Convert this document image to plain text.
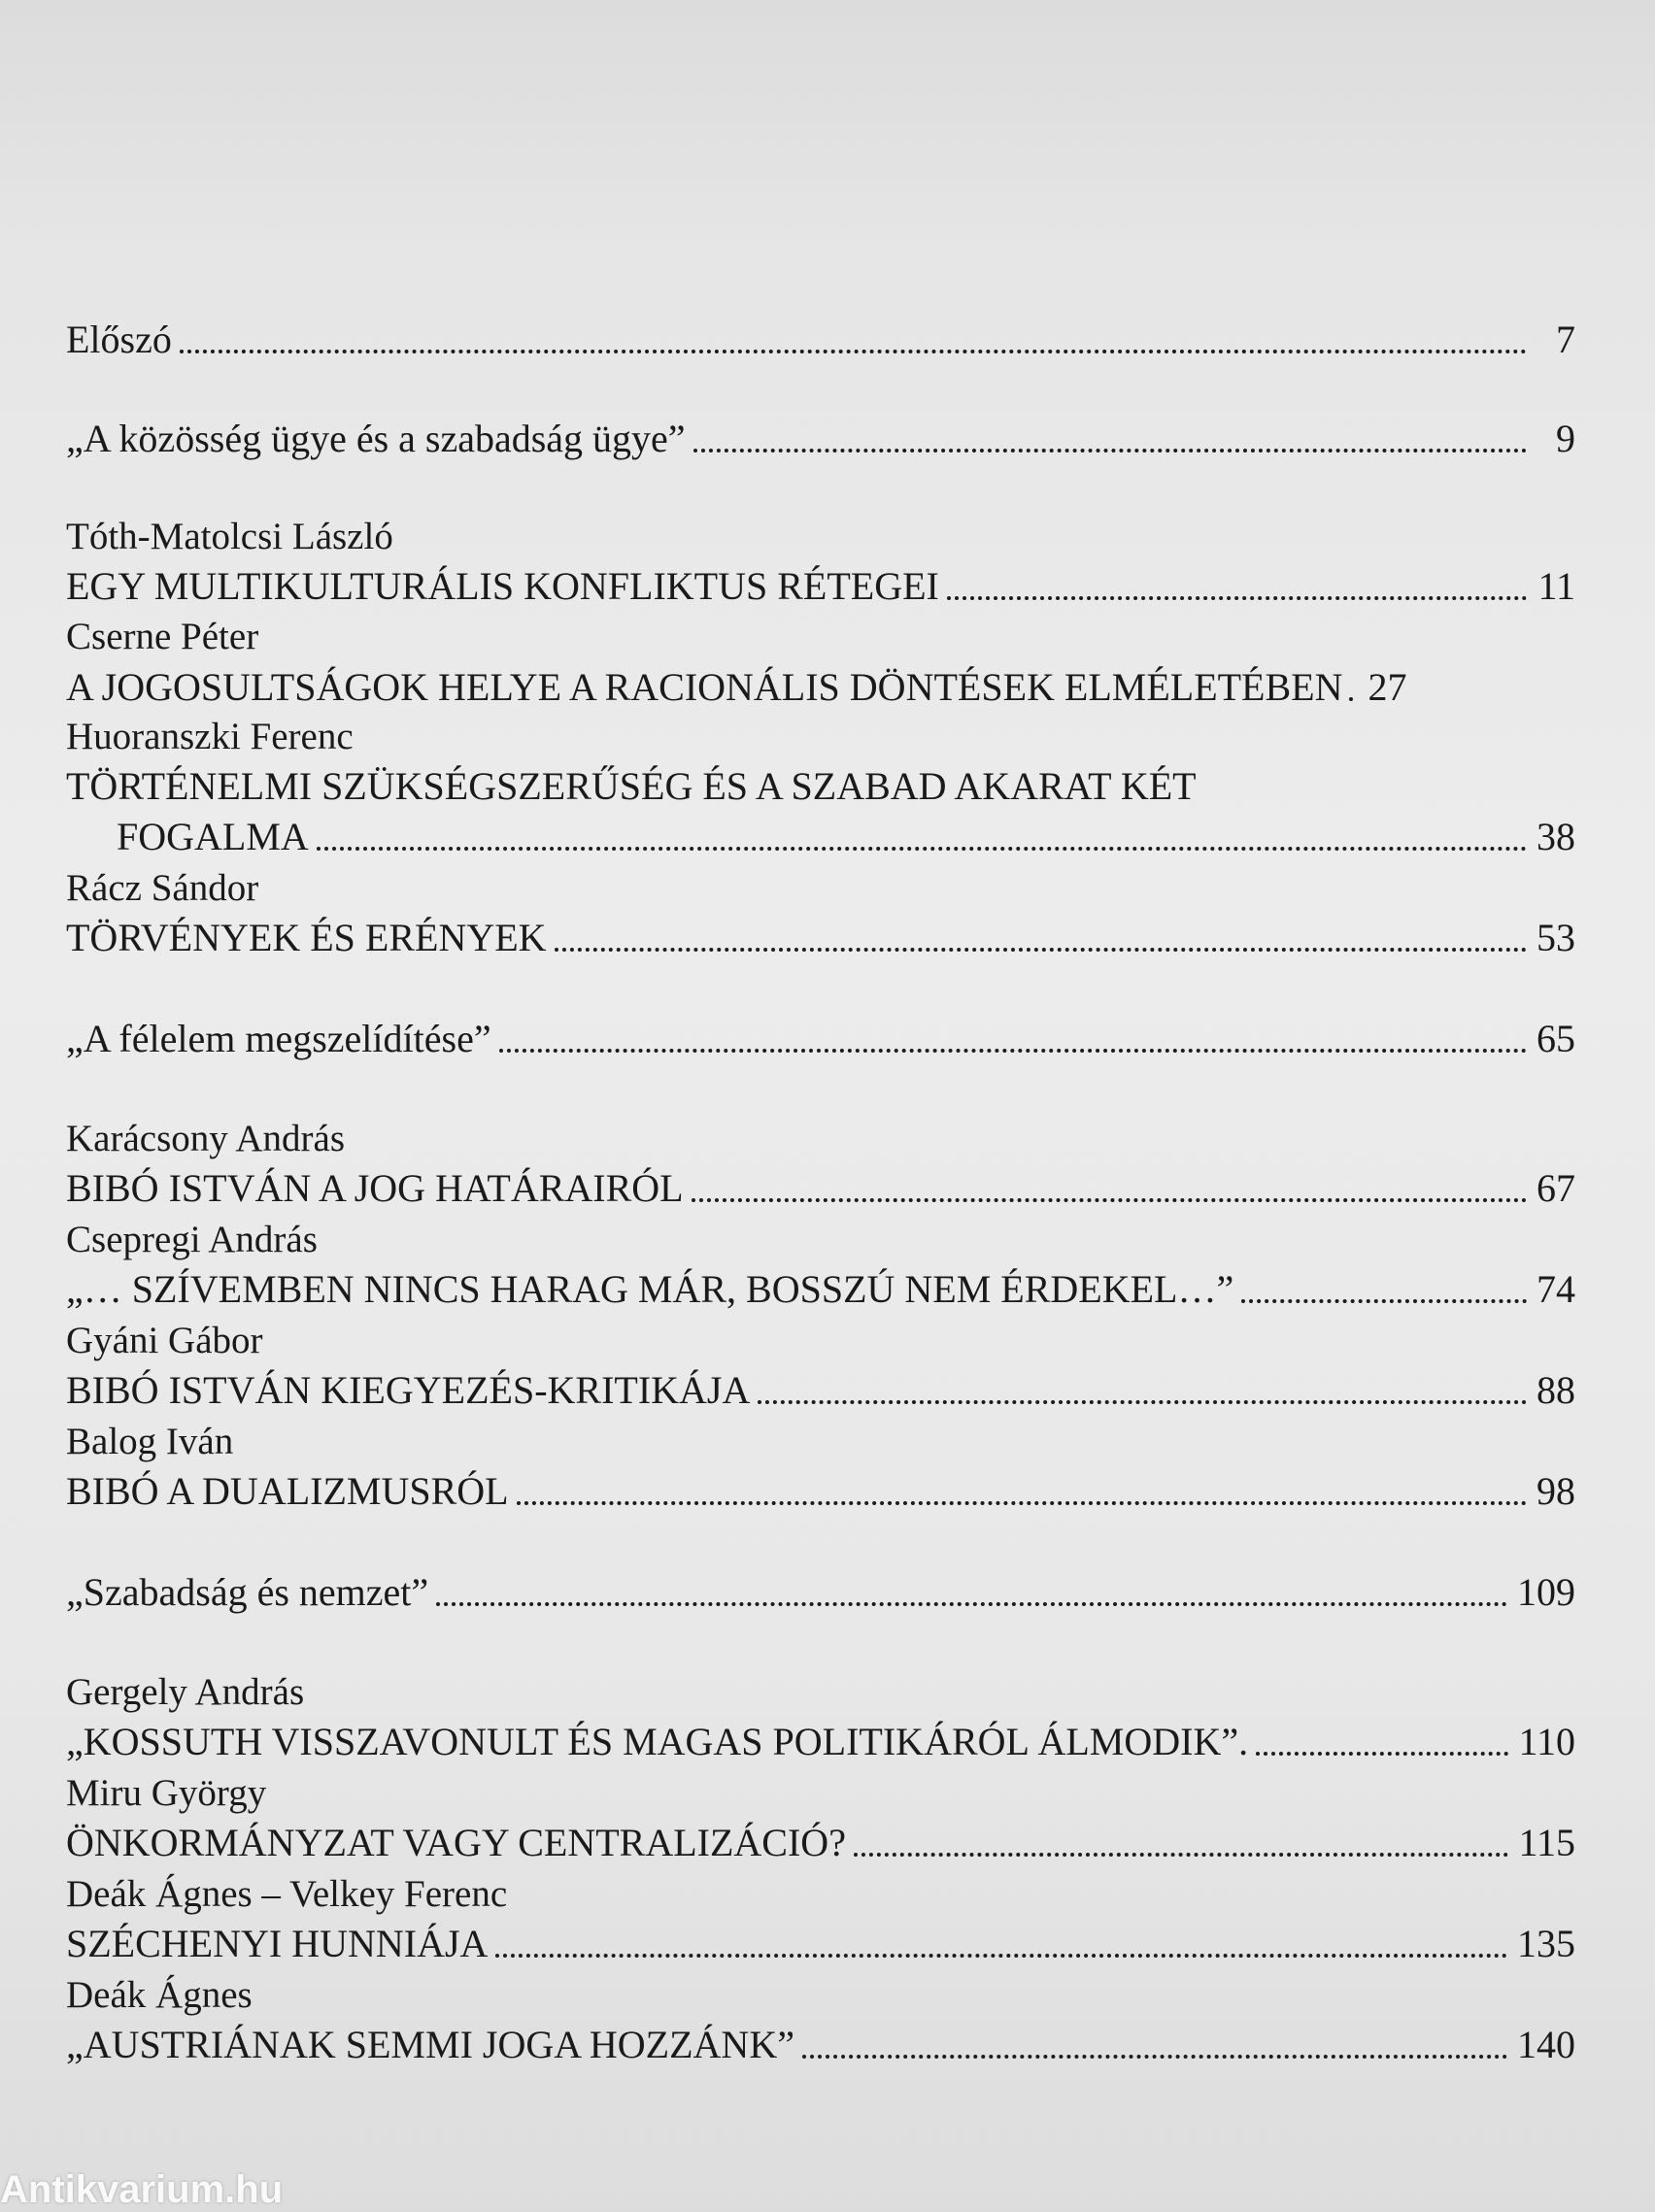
Előszó	7
„A közösség ügye és a szabadság ügye”	9
Tóth-Matolcsi László
EGY MULTIKULTURÁLIS KONFLIKTUS RÉTEGEI	11
Cserne Péter
A JOGOSULTSÁGOK HELYE A RACIONÁLIS DÖNTÉSEK ELMÉLETÉBEN 27
Huoranszki Ferenc
TÖRTÉNELMI SZÜKSÉGSZERŰSÉG ÉS A SZABAD AKARAT KÉT
FOGALMA	38
Rácz Sándor
TÖRVÉNYEK ÉS ERÉNYEK	53
„A félelem megszelídítése”	65
Karácsony András
BIBÓ ISTVÁN A JOG HATÁRAIRÓL	67
Csepregi András
„… SZÍVEMBEN NINCS HARAG MÁR, BOSSZÚ NEM ÉRDEKEL…”	74
Gyáni Gábor
BIBÓ ISTVÁN KIEGYEZÉS-KRITIKÁJA	88
Balog Iván
BIBÓ A DUALIZMUSRÓL	98
„Szabadság és nemzet”	109
Gergely András
„KOSSUTH VISSZAVONULT ÉS MAGAS POLITIKÁRÓL ÁLMODIK”.	110
Miru György
ÖNKORMÁNYZAT VAGY CENTRALIZÁCIÓ?	115
Deák Ágnes – Velkey Ferenc
SZÉCHENYI HUNNIÁJA	135
Deák Ágnes
„AUSTRIÁNAK SEMMI JOGA HOZZÁNK”	140
Antikvarium.hu
